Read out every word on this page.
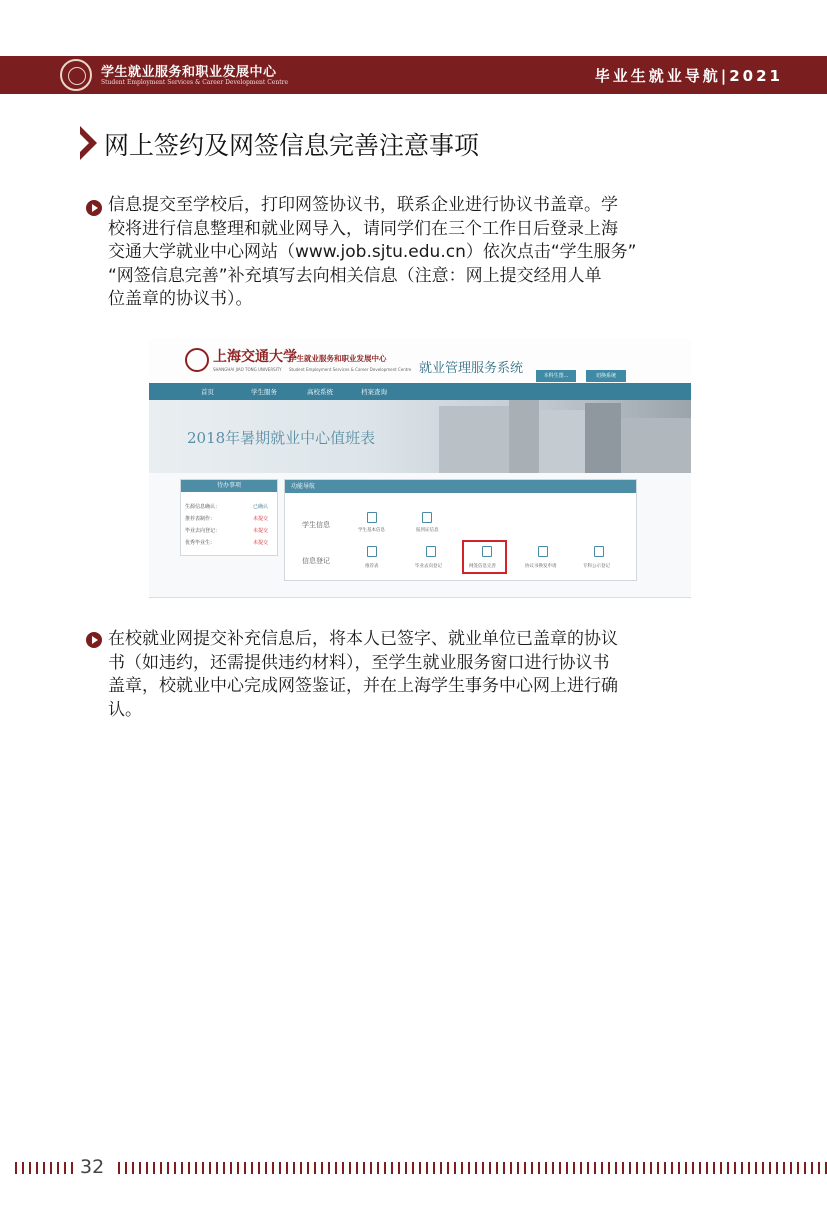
学生就业服务和职业发展中心
Student Employment Services & Career Development Centre	毕业生就业导航|2021
网上签约及网签信息完善注意事项
信息提交至学校后，打印网签协议书，联系企业进行协议书盖章。学
校将进行信息整理和就业网导入，请同学们在三个工作日后登录上海
交通大学就业中心网站（www.job.sjtu.edu.cn）依次点击“学生服务”
“网签信息完善”补充填写去向相关信息（注意：网上提交经用人单
位盖章的协议书）。
上海交通大学
SHANGHAI JIAO TONG UNIVERSITY
学生就业服务和职业发展中心
Student Employment Services & Career Development Centre 就业管理服务系统	本科生图...	切换系统
首页	学生服务	高校系统	档案查询
2018年暑期就业中心值班表
待办事项
生源信息确认：	已确认
推荐表制作：	未提交
毕业去向登记：	未提交
优秀毕业生：	未提交
功能导航
学生信息
信息登记
学生基本信息	报到证信息
推荐表	毕业去向登记	网签信息完善	协议书换发申请	专科公示登记
在校就业网提交补充信息后，将本人已签字、就业单位已盖章的协议
书（如违约，还需提供违约材料），至学生就业服务窗口进行协议书
盖章，校就业中心完成网签鉴证，并在上海学生事务中心网上进行确
认。
32
